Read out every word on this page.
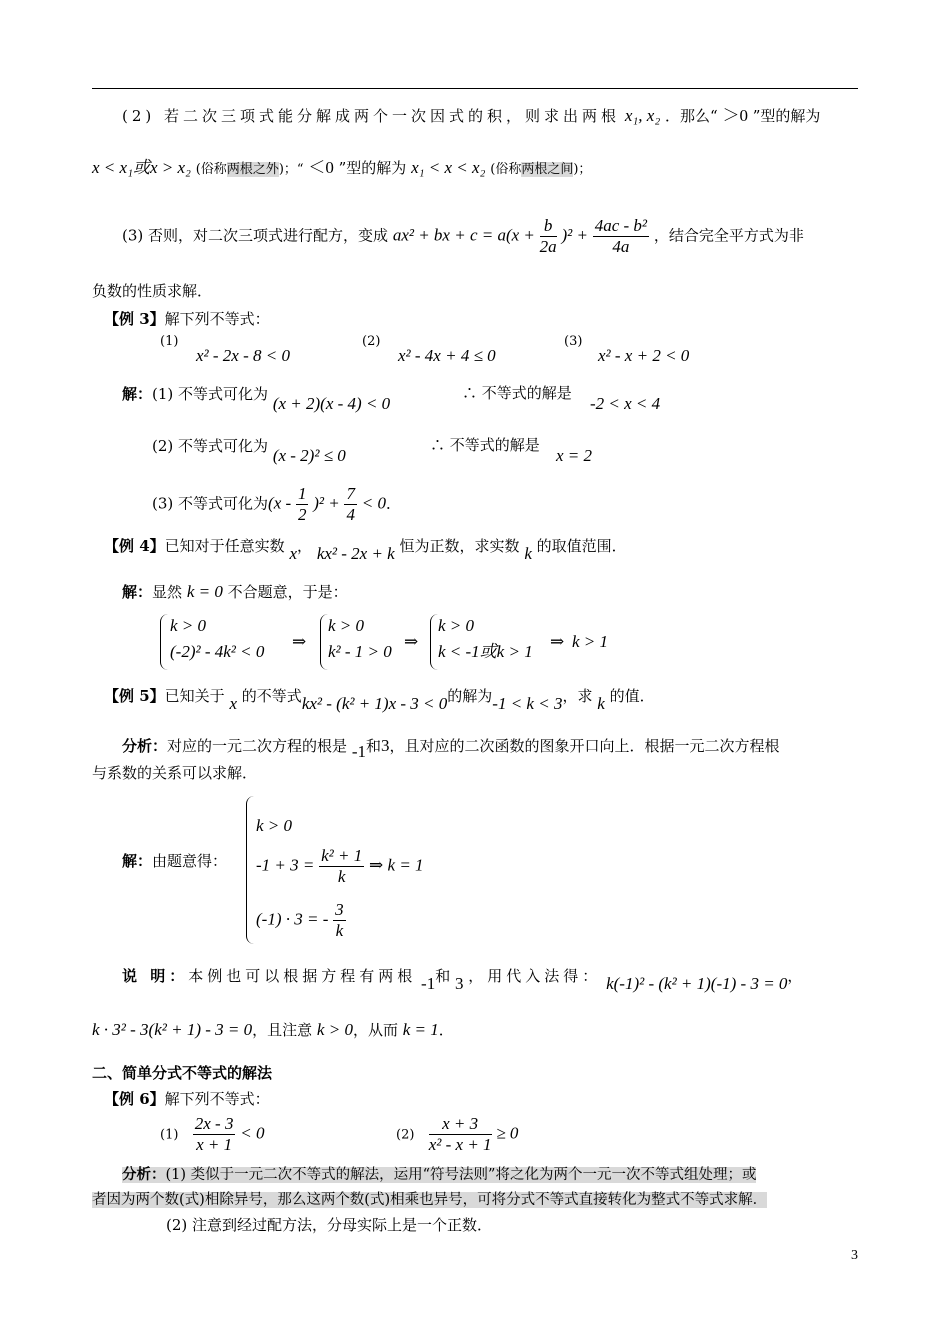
(2) 若二次三项式能分解成两个一次因式的积，则求出两根 x₁, x₂ ．那么“ ＞0 ”型的解为
x < x₁或x > x₂ (俗称两根之外)；“ ＜0 ”型的解为 x₁ < x < x₂ (俗称两根之间)；
(3) 否则，对二次三项式进行配方，变成 ax² + bx + $c = a(x + \frac{b}{2a} )^2 + \frac{\text{4ac - b²}}{4a}$ ，结合完全平方式为非
负数的性质求解．
【例 3】解下列不等式：
(1)
x² - 2x - 8 < 0
(2)
x² - 4x + 4 ≤ 0
(3)
x² - x + 2 < 0
解：(1) 不等式可化为 (x + 2)(x - 4) < 0
∴ 不等式的解是
-2 < x < 4
(2) 不等式可化为 (x - 2)² ≤ 0
∴ 不等式的解是
x = 2
(3) 不等式可化为$(x - \frac{1}{2} )^2 + \frac{7}{4} < 0$．
【例 4】已知对于任意实数 x， kx² - 2x + k 恒为正数，求实数 k 的取值范围．
解：显然 k = 0 不合题意，于是：
k > 0
(-2)² - 4k² < 0
⇒
k > 0
k² - 1 > 0
⇒
k > 0
k < -1或k > 1
⇒ k > 1
【例 5】已知关于 x 的不等式kx² - (k² + 1)x - 3 < 0的解为-1 < k < 3，求 k 的值．
分析：对应的一元二次方程的根是 -1和3，且对应的二次函数的图象开口向上．根据一元二次方程根
与系数的关系可以求解．
解：由题意得：
k > 0
$-1 + 3 = \frac{\text{k² + 1}}{k}$ ⇒ k = 1
(-1) · 3 = - $\frac{3}{k}$
说 明：本例也可以根据方程有两根 -1和 3 ，用代入法得： k(-1)² - (k² + 1)(-1) - 3 = 0，
k · 3² - 3(k² + 1) - 3 = 0，且注意 k > 0，从而 k = 1．
二、简单分式不等式的解法
【例 6】解下列不等式：
$(1) \frac{2x - 3}{x + 1} < 0$	$(2) \frac{x + 3}{\text{x² - x + 1}} \ge 0$
分析：(1) 类似于一元二次不等式的解法，运用“符号法则”将之化为两个一元一次不等式组处理；或
者因为两个数(式)相除异号，那么这两个数(式)相乘也异号，可将分式不等式直接转化为整式不等式求解．
(2) 注意到经过配方法，分母实际上是一个正数．
3
